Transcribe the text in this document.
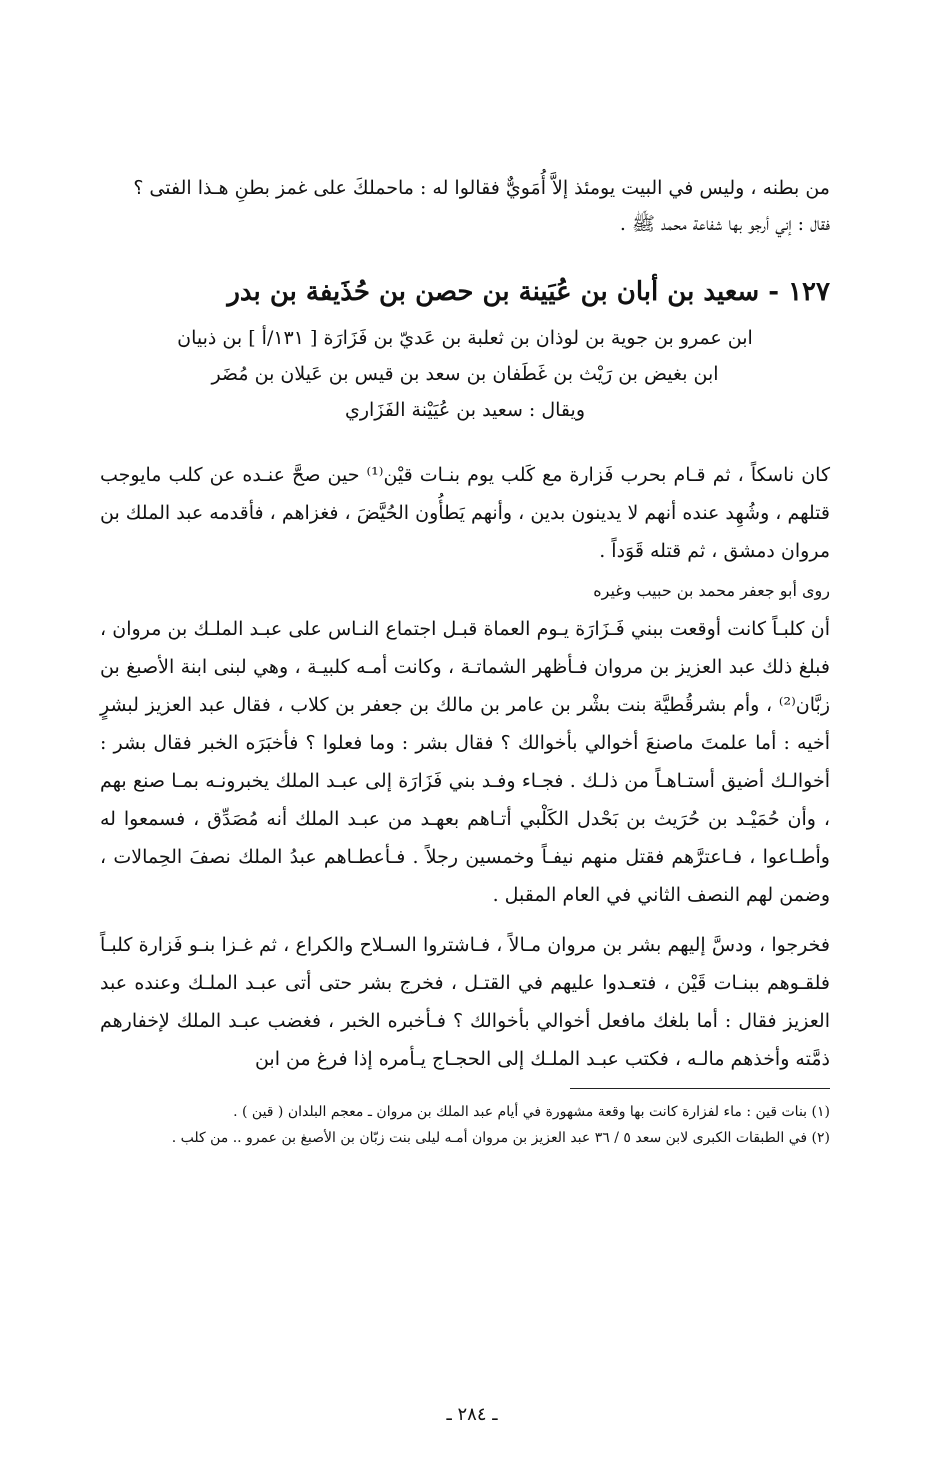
من بطنه ، وليس في البيت يومئذ إلاَّ أُمَويٌّ فقالوا له : ماحملكَ على غمز بطنِ هـذا الفتى ؟

فقال : إني أرجو بها شفاعة محمد ﷺ .

١٢٧ - سعيد بن أبان بن عُيَينة بن حصن بن حُذَيفة بن بدر
ابن عمرو بن جوية بن لوذان بن ثعلبة بن عَديّ بن فَزَارَة [ ١٣١/أ ] بن ذبيان
ابن بغيض بن رَيْث بن غَطَفان بن سعد بن قيس بن عَيلان بن مُضَر
ويقال : سعيد بن عُيَيْنة الفَزَاري

كان ناسكاً ، ثم قـام بحرب فَزارة مع كَلب يوم بنـات قيْن⁽¹⁾ حين صحَّ عنـده عن كلب مايوجب قتلهم ، وشُهِد عنده أنهم لا يدينون بدين ، وأنهم يَطأُون الحُيَّضَ ، فغزاهم ، فأقدمه عبد الملك بن مروان دمشق ، ثم قتله قَوَداً .

روى أبو جعفر محمد بن حبيب وغيره

أن كلبـاً كانت أوقعت ببني فَـزَارَة يـوم العماة قبـل اجتماع النـاس على عبـد الملـك بن مروان ، فبلغ ذلك عبد العزيز بن مروان فـأظهر الشماتـة ، وكانت أمـه كلبيـة ، وهي لبنى ابنة الأصبغ بن زبَّان⁽²⁾ ، وأم بشرقُطيَّة بنت بشْر بن عامر بن مالك بن جعفر بن كلاب ، فقال عبد العزيز لبشرٍ أخيه : أما علمتَ ماصنعَ أخوالي بأخوالك ؟ فقال بشر : وما فعلوا ؟ فأخبَرَه الخبر فقال بشر : أخوالـك أضيق أستـاهـاً من ذلـك . فجـاء وفـد بني فَزَارَة إلى عبـد الملك يخبرونـه بمـا صنع بهم ، وأن حُمَيْـد بن حُرَيث بن بَحْدل الكَلْبي أتـاهم بعهـد من عبـد الملك أنه مُصَدِّق ، فسمعوا له وأطـاعوا ، فـاعترَّهم فقتل منهم نيفـاً وخمسين رجلاً . فـأعطـاهم عبدُ الملك نصفَ الحِمالات ، وضمن لهم النصف الثاني في العام المقبل .

فخرجوا ، ودسَّ إليهم بشر بن مروان مـالاً ، فـاشتروا السـلاح والكراع ، ثم غـزا بنـو فَزارة كلبـاً فلقـوهم ببنـات قَيْن ، فتعـدوا عليهم في القتـل ، فخرج بشر حتى أتى عبـد الملـك وعنده عبد العزيز فقال : أما بلغك مافعل أخوالي بأخوالك ؟ فـأخبره الخبر ، فغضب عبـد الملك لإخفارهم ذمَّته وأخذهم مالـه ، فكتب عبـد الملـك إلى الحجـاج يـأمره إذا فرغ من ابن

(١) بنات قين : ماء لفزارة كانت بها وقعة مشهورة في أيام عبد الملك بن مروان ـ معجم البلدان ( قين ) .

(٢) في الطبقات الكبرى لابن سعد ٥ / ٣٦ عبد العزيز بن مروان أمـه ليلى بنت زبّان بن الأصبغ بن عمرو .. من كلب .

ـ ٢٨٤ ـ
